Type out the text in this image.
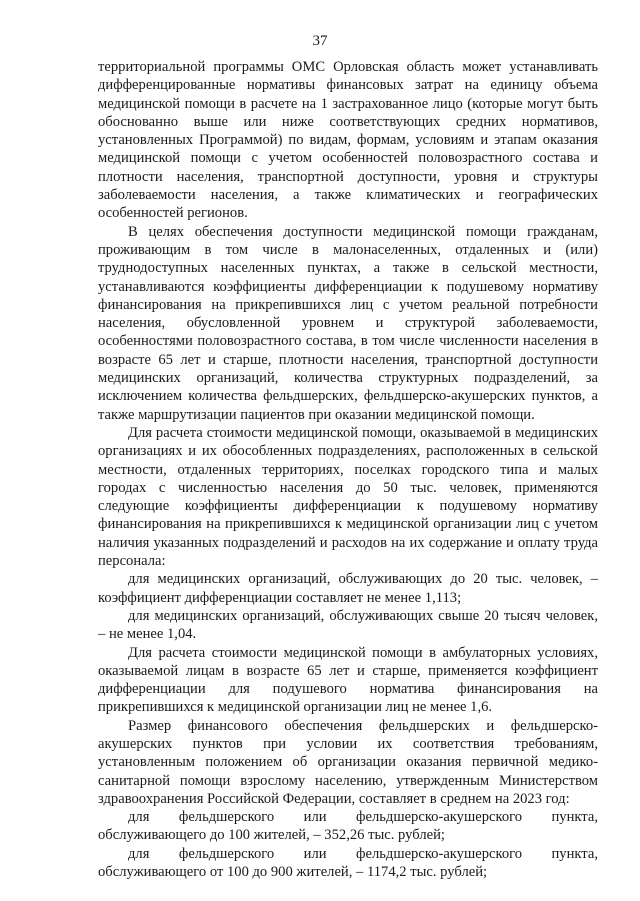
37

территориальной программы ОМС Орловская область может устанавливать дифференцированные нормативы финансовых затрат на единицу объема медицинской помощи в расчете на 1 застрахованное лицо (которые могут быть обоснованно выше или ниже соответствующих средних нормативов, установленных Программой) по видам, формам, условиям и этапам оказания медицинской помощи с учетом особенностей половозрастного состава и плотности населения, транспортной доступности, уровня и структуры заболеваемости населения, а также климатических и географических особенностей регионов.

В целях обеспечения доступности медицинской помощи гражданам, проживающим в том числе в малонаселенных, отдаленных и (или) труднодоступных населенных пунктах, а также в сельской местности, устанавливаются коэффициенты дифференциации к подушевому нормативу финансирования на прикрепившихся лиц с учетом реальной потребности населения, обусловленной уровнем и структурой заболеваемости, особенностями половозрастного состава, в том числе численности населения в возрасте 65 лет и старше, плотности населения, транспортной доступности медицинских организаций, количества структурных подразделений, за исключением количества фельдшерских, фельдшерско-акушерских пунктов, а также маршрутизации пациентов при оказании медицинской помощи.

Для расчета стоимости медицинской помощи, оказываемой в медицинских организациях и их обособленных подразделениях, расположенных в сельской местности, отдаленных территориях, поселках городского типа и малых городах с численностью населения до 50 тыс. человек, применяются следующие коэффициенты дифференциации к подушевому нормативу финансирования на прикрепившихся к медицинской организации лиц с учетом наличия указанных подразделений и расходов на их содержание и оплату труда персонала:

для медицинских организаций, обслуживающих до 20 тыс. человек, – коэффициент дифференциации составляет не менее 1,113;

для медицинских организаций, обслуживающих свыше 20 тысяч человек, – не менее 1,04.

Для расчета стоимости медицинской помощи в амбулаторных условиях, оказываемой лицам в возрасте 65 лет и старше, применяется коэффициент дифференциации для подушевого норматива финансирования на прикрепившихся к медицинской организации лиц не менее 1,6.

Размер финансового обеспечения фельдшерских и фельдшерско-акушерских пунктов при условии их соответствия требованиям, установленным положением об организации оказания первичной медико-санитарной помощи взрослому населению, утвержденным Министерством здравоохранения Российской Федерации, составляет в среднем на 2023 год:

для фельдшерского или фельдшерско-акушерского пункта, обслуживающего до 100 жителей, – 352,26 тыс. рублей;

для фельдшерского или фельдшерско-акушерского пункта, обслуживающего от 100 до 900 жителей, – 1174,2 тыс. рублей;
